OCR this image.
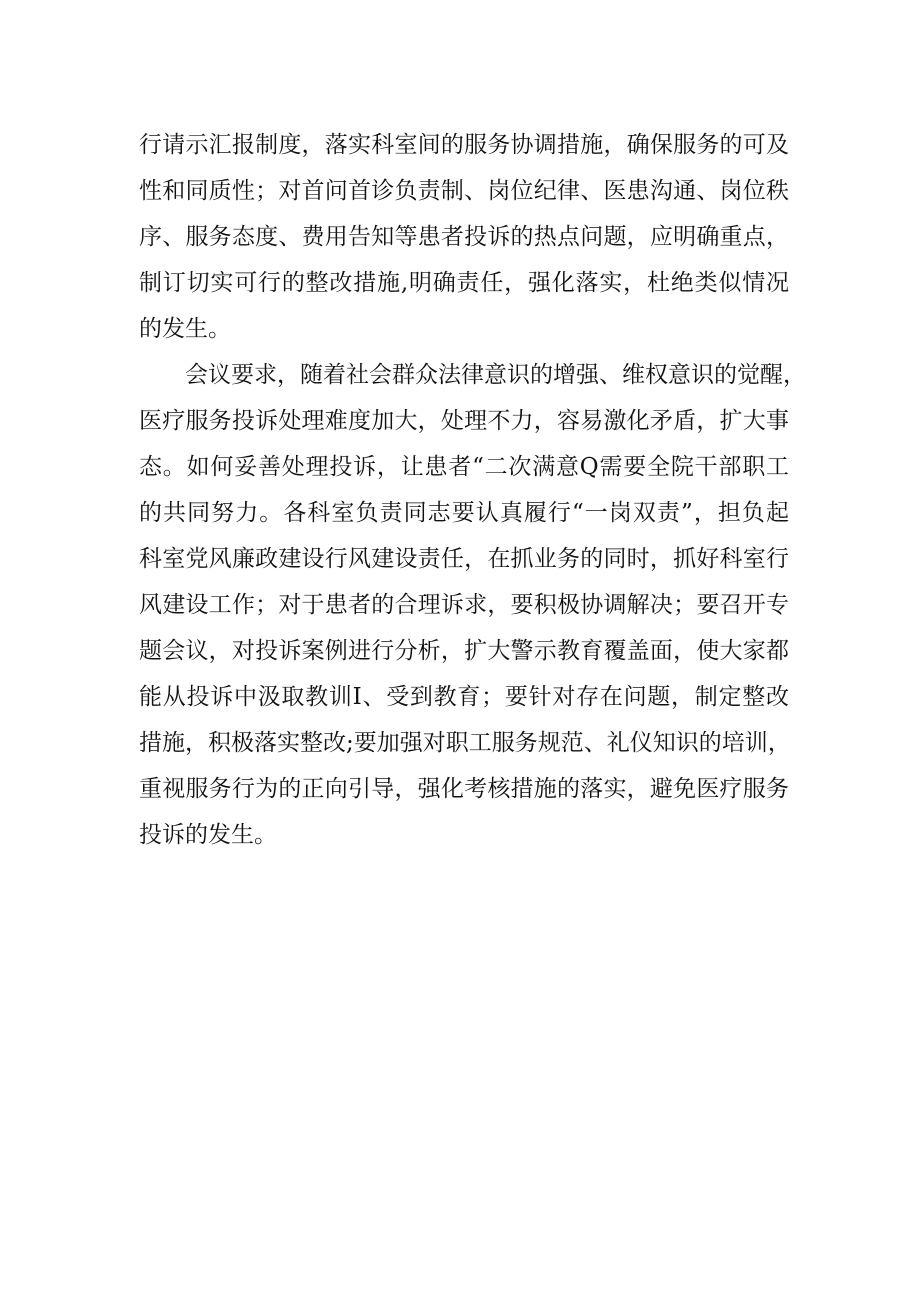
行请示汇报制度，落实科室间的服务协调措施，确保服务的可及
性和同质性；对首问首诊负责制、岗位纪律、医患沟通、岗位秩
序、服务态度、费用告知等患者投诉的热点问题，应明确重点，
制订切实可行的整改措施,明确责任，强化落实，杜绝类似情况
的发生。
会议要求，随着社会群众法律意识的增强、维权意识的觉醒，
医疗服务投诉处理难度加大，处理不力，容易激化矛盾，扩大事
态。如何妥善处理投诉，让患者“二次满意Q需要全院干部职工
的共同努力。各科室负责同志要认真履行“一岗双责”，担负起
科室党风廉政建设行风建设责任，在抓业务的同时，抓好科室行
风建设工作；对于患者的合理诉求，要积极协调解决；要召开专
题会议，对投诉案例进行分析，扩大警示教育覆盖面，使大家都
能从投诉中汲取教训I、受到教育；要针对存在问题，制定整改
措施，积极落实整改;要加强对职工服务规范、礼仪知识的培训，
重视服务行为的正向引导，强化考核措施的落实，避免医疗服务
投诉的发生。
